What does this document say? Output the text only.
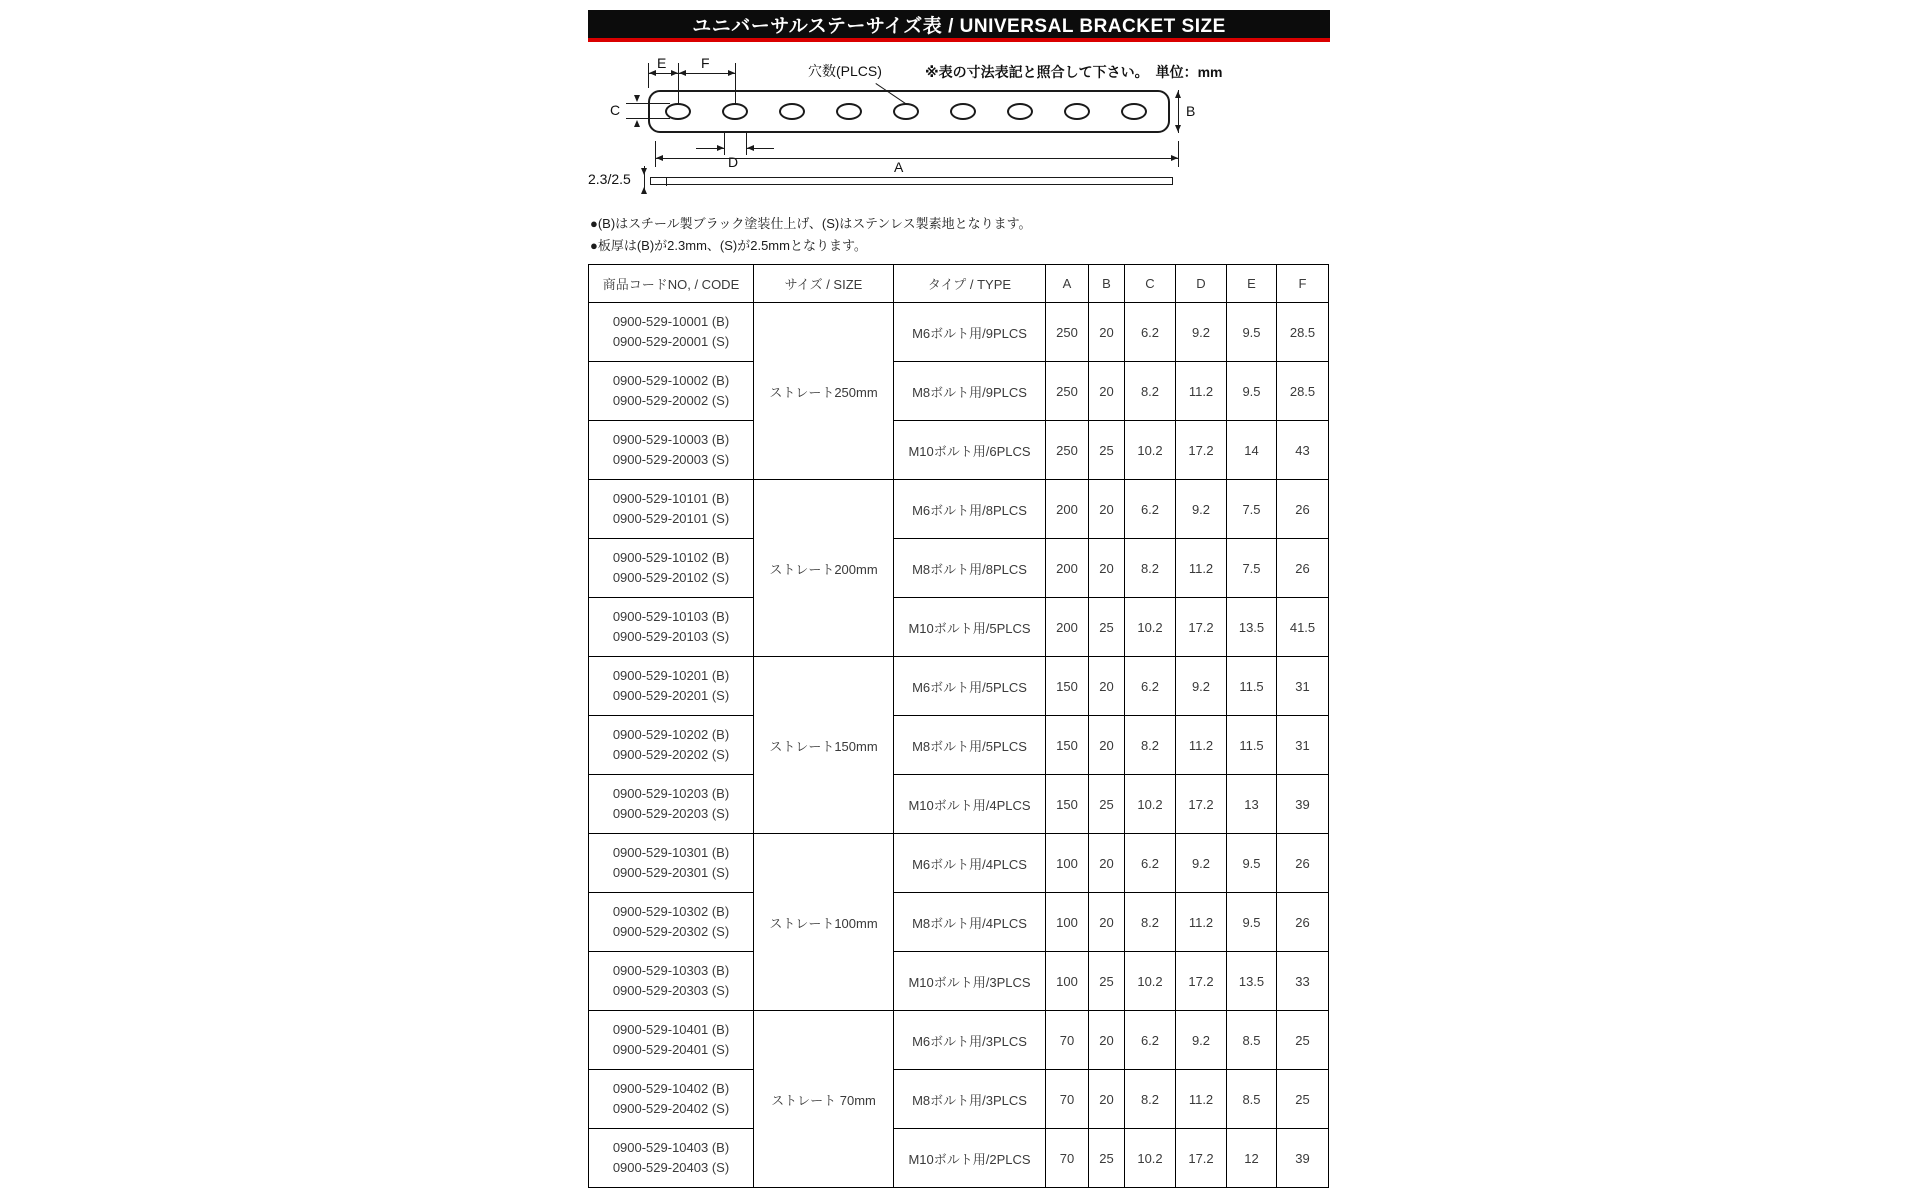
ユニバーサルステーサイズ表 / UNIVERSAL BRACKET SIZE
E F
C
穴数(PLCS)	※表の寸法表記と照合して下さい。　単位：mm
B
D	A
2.3/2.5
●(B)はスチール製ブラック塗装仕上げ、(S)はステンレス製素地となります。
●板厚は(B)が2.3mm、(S)が2.5mmとなります。
商品コードNO, / CODE	サイズ / SIZE	タイプ / TYPE	A	B	C	D	E	F

0900-529-10001 (B)
0900-529-20001 (S)	ストレート250mm	M6ボルト用/9PLCS	250	20	6.2	9.2	9.5	28.5

0900-529-10002 (B)
0900-529-20002 (S)		M8ボルト用/9PLCS	250	20	8.2	11.2	9.5	28.5

0900-529-10003 (B)
0900-529-20003 (S)		M10ボルト用/6PLCS	250	25	10.2	17.2	14	43

0900-529-10101 (B)
0900-529-20101 (S)	ストレート200mm	M6ボルト用/8PLCS	200	20	6.2	9.2	7.5	26

0900-529-10102 (B)
0900-529-20102 (S)		M8ボルト用/8PLCS	200	20	8.2	11.2	7.5	26

0900-529-10103 (B)
0900-529-20103 (S)		M10ボルト用/5PLCS	200	25	10.2	17.2	13.5	41.5

0900-529-10201 (B)
0900-529-20201 (S)	ストレート150mm	M6ボルト用/5PLCS	150	20	6.2	9.2	11.5	31

0900-529-10202 (B)
0900-529-20202 (S)		M8ボルト用/5PLCS	150	20	8.2	11.2	11.5	31

0900-529-10203 (B)
0900-529-20203 (S)		M10ボルト用/4PLCS	150	25	10.2	17.2	13	39

0900-529-10301 (B)
0900-529-20301 (S)	ストレート100mm	M6ボルト用/4PLCS	100	20	6.2	9.2	9.5	26

0900-529-10302 (B)
0900-529-20302 (S)		M8ボルト用/4PLCS	100	20	8.2	11.2	9.5	26

0900-529-10303 (B)
0900-529-20303 (S)		M10ボルト用/3PLCS	100	25	10.2	17.2	13.5	33

0900-529-10401 (B)
0900-529-20401 (S)	ストレート 70mm	M6ボルト用/3PLCS	70	20	6.2	9.2	8.5	25

0900-529-10402 (B)
0900-529-20402 (S)		M8ボルト用/3PLCS	70	20	8.2	11.2	8.5	25

0900-529-10403 (B)
0900-529-20403 (S)		M10ボルト用/2PLCS	70	25	10.2	17.2	12	39
